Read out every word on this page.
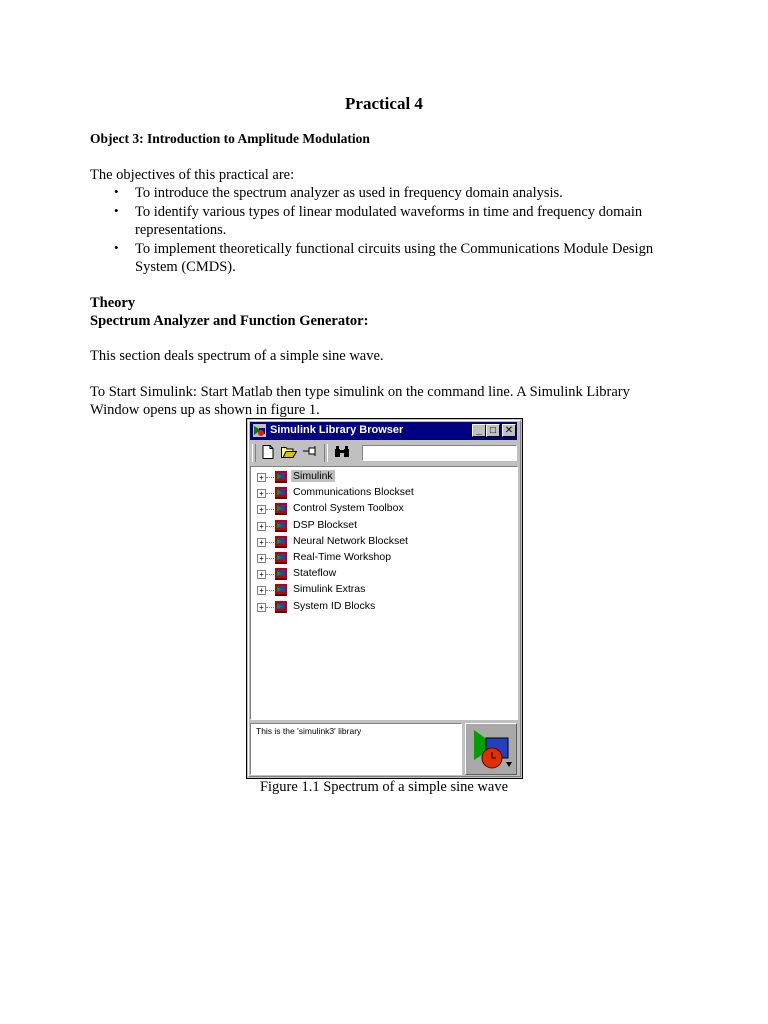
Practical 4
Object 3: Introduction to Amplitude Modulation
The objectives of this practical are:
• To introduce the spectrum analyzer as used in frequency domain analysis.
• To identify various types of linear modulated waveforms in time and frequency domain
representations.
• To implement theoretically functional circuits using the Communications Module Design
System (CMDS).
Theory
Spectrum Analyzer and Function Generator:
This section deals spectrum of a simple sine wave.
To Start Simulink: Start Matlab then type simulink on the command line. A Simulink Library
Window opens up as shown in figure 1.
Simulink Library Browser	_ □ ✕
+	Simulink
+	Communications Blockset
+	Control System Toolbox
+	DSP Blockset
+	Neural Network Blockset
+	Real-Time Workshop
+	Stateflow
+	Simulink Extras
+	System ID Blocks
This is the 'simulink3' library
Figure 1.1 Spectrum of a simple sine wave
